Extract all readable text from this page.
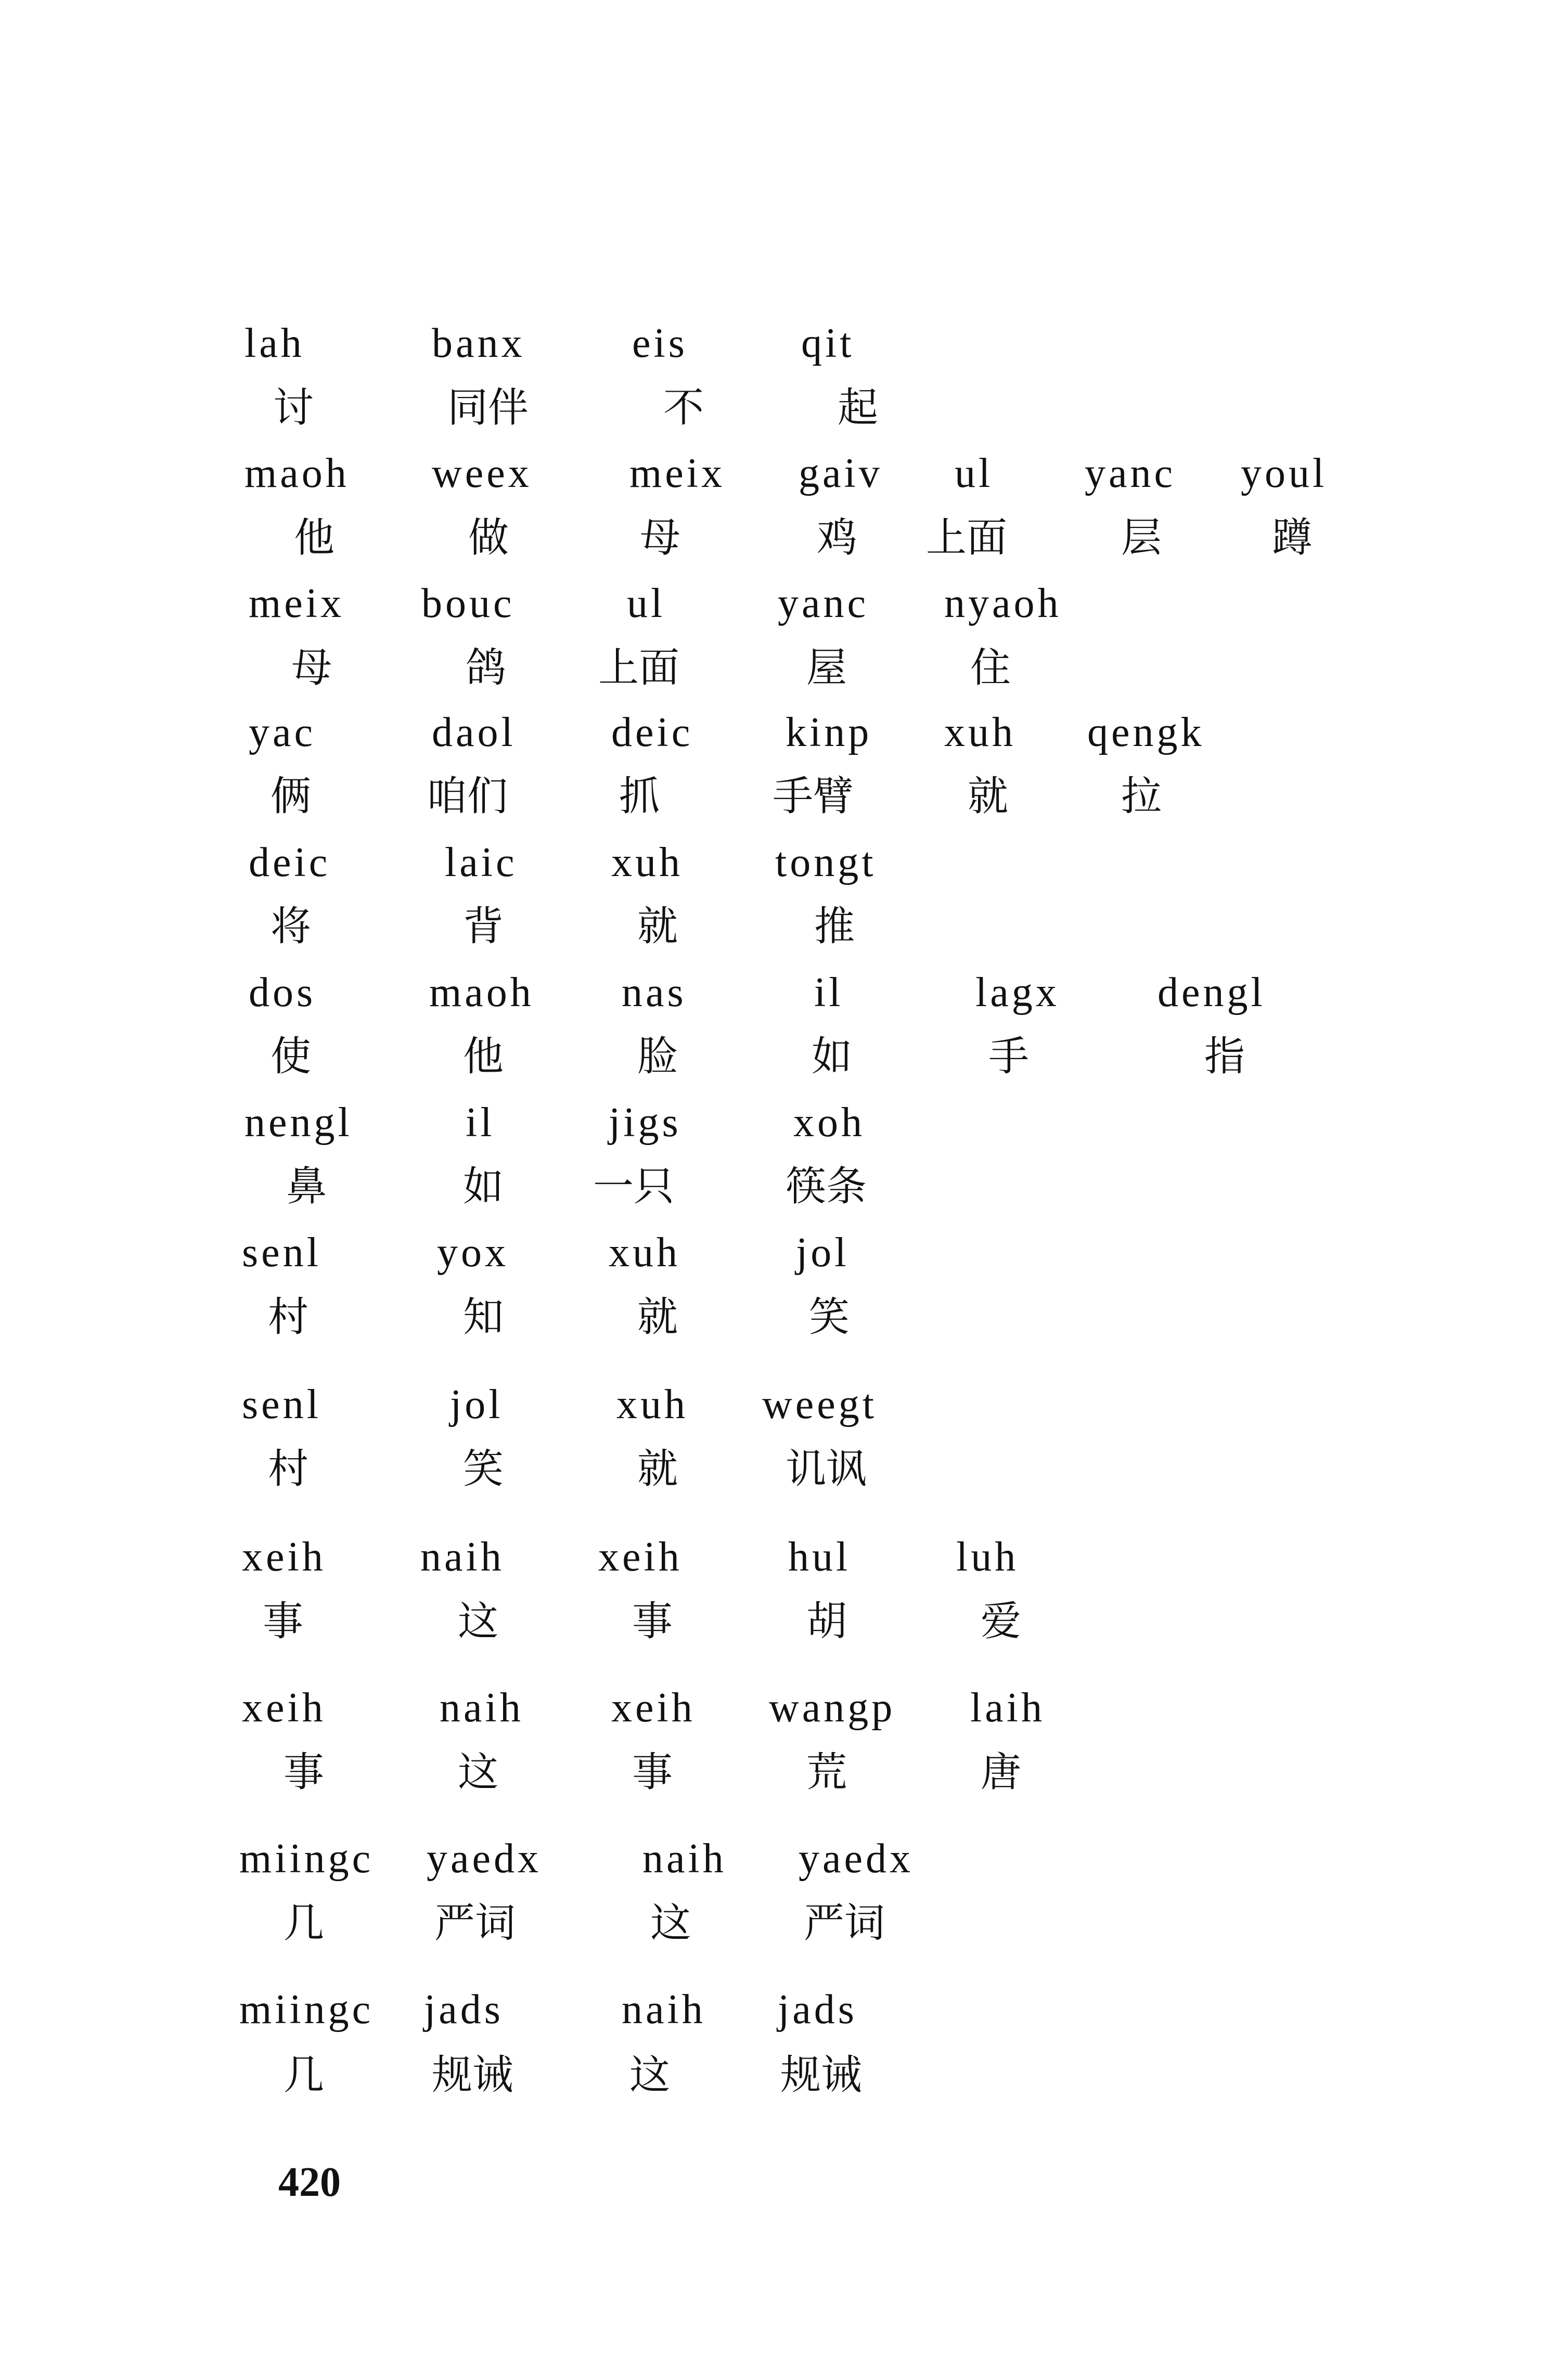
lah	banx	eis	qit
讨	同伴	不	起
maoh weex meix gaiv ul yanc youl
他	做	母	鸡 上面	层	蹲
meix bouc	ul	yanc nyaoh
母	鸽 上面	屋	住
yac	daol deic kinp xuh qengk
俩	咱们	抓	手臂	就	拉
deic	laic xuh tongt
将	背	就	推
dos	maoh nas	il	lagx dengl
使	他	脸	如	手	指
nengl	il	jigs	xoh
鼻	如 一只	筷条
senl	yox xuh	jol
村	知	就	笑
senl	jol	xuh weegt
村	笑	就	讥讽
xeih naih xeih	hul	luh
事	这	事	胡	爱
xeih	naih xeih wangp laih
事	这	事	荒	唐
miingc yaedx naih yaedx
几	严词	这	严词
miingc jads	naih jads
几	规诫	这	规诫
420
